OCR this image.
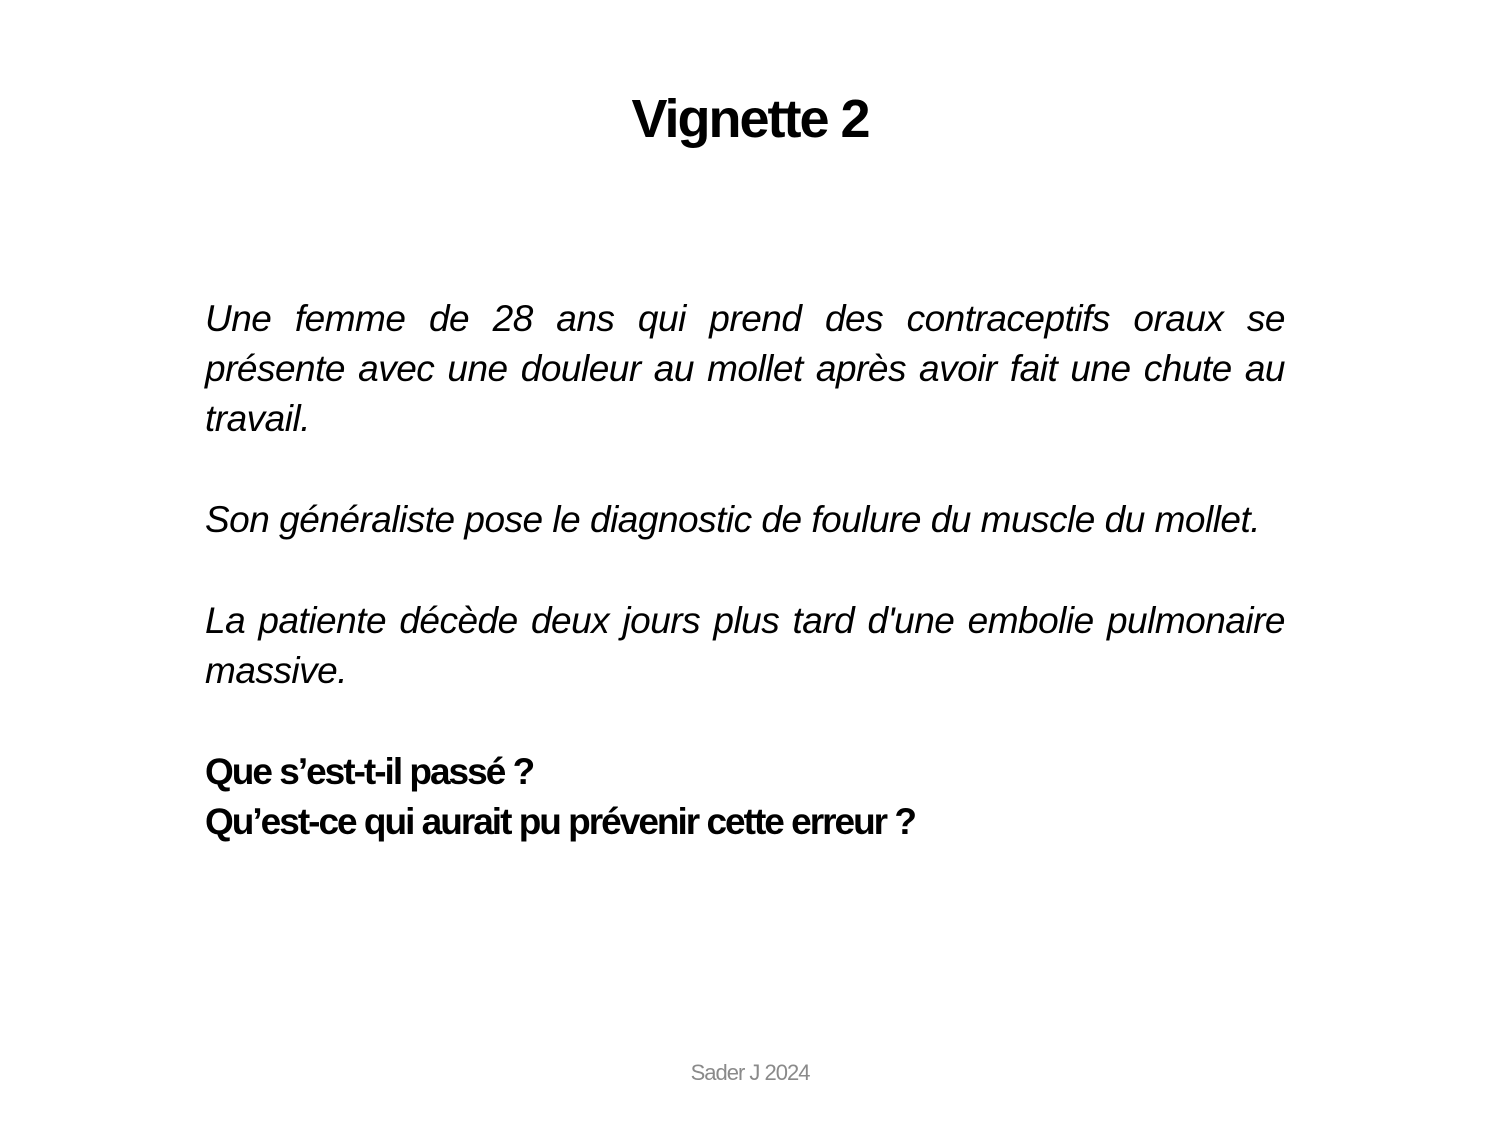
Vignette 2

Une femme de 28 ans qui prend des contraceptifs oraux se présente avec une douleur au mollet après avoir fait une chute au travail.

Son généraliste pose le diagnostic de foulure du muscle du mollet.

La patiente décède deux jours plus tard d'une embolie pulmonaire massive.

Que s’est-t-il passé ?
Qu’est-ce qui aurait pu prévenir cette erreur ?
Sader J 2024
